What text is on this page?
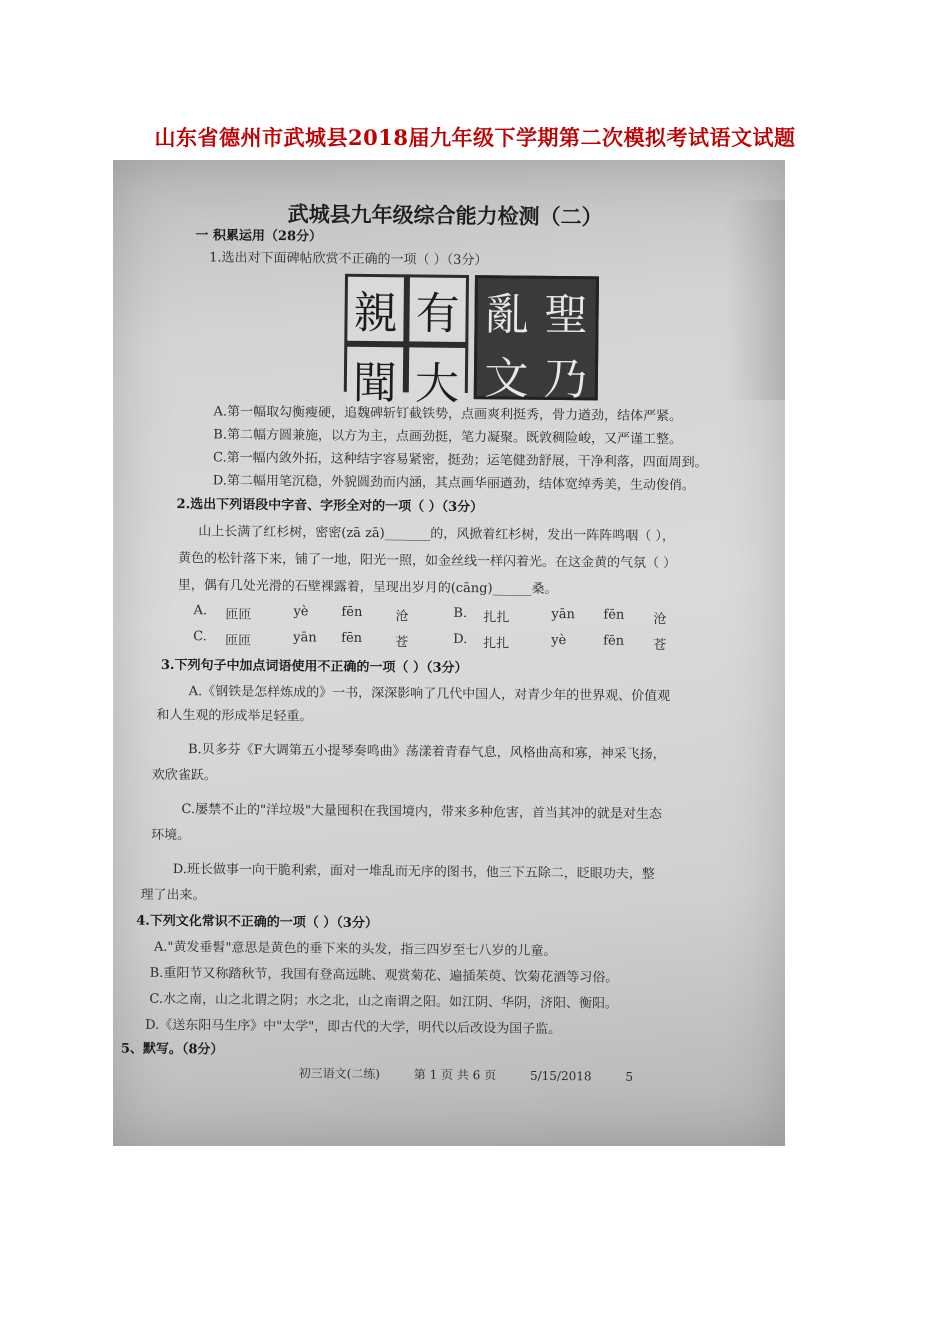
山东省德州市武城县2018届九年级下学期第二次模拟考试语文试题
武城县九年级综合能力检测（二）
一 积累运用（28分）
1.选出对下面碑帖欣赏不正确的一项（ ）（3分）
親 有
聞 大
亂 聖
文 乃
A.第一幅取勾衡瘦硬，追魏碑斩钉截铁势，点画爽利挺秀，骨力遒劲，结体严紧。
B.第二幅方圆兼施，以方为主，点画劲挺，笔力凝聚。既敦稠险峻，又严谨工整。
C.第一幅内敛外拓，这种结字容易紧密，挺劲；运笔健劲舒展，干净利落，四面周到。
D.第二幅用笔沉稳，外貌圆劲而内涵，其点画华丽遒劲，结体宽绰秀美，生动俊俏。
2.选出下列语段中字音、字形全对的一项（ ）（3分）
山上长满了红杉树，密密(zā zā)_______的，风掀着红杉树，发出一阵阵鸣咽（ ），
黄色的松针落下来，铺了一地，阳光一照，如金丝线一样闪着光。在这金黄的气氛（ ）
里，偶有几处光滑的石壁裸露着，呈现出岁月的(cāng)______桑。
A. 匝匝	yè	fēn	沧	B. 扎扎	yān fēn 沧
C. 匝匝	yān fēn	苍	D. 扎扎	yè	fēn 苍
3.下列句子中加点词语使用不正确的一项（ ）（3分）
A.《钢铁是怎样炼成的》一书，深深影响了几代中国人，对青少年的世界观、价值观
和人生观的形成举足轻重。
B.贝多芬《F大调第五小提琴奏鸣曲》荡漾着青春气息，风格曲高和寡，神采飞扬，
欢欣雀跃。
C.屡禁不止的"洋垃圾"大量囤积在我国境内，带来多种危害，首当其冲的就是对生态
环境。
D.班长做事一向干脆利索，面对一堆乱而无序的图书，他三下五除二，眨眼功夫，整
理了出来。
4.下列文化常识不正确的一项（ ）（3分）
A."黄发垂髫"意思是黄色的垂下来的头发，指三四岁至七八岁的儿童。
B.重阳节又称踏秋节，我国有登高远眺、观赏菊花、遍插茱萸、饮菊花酒等习俗。
C.水之南，山之北谓之阴；水之北，山之南谓之阳。如江阴、华阴，济阳、衡阳。
D.《送东阳马生序》中"太学"，即古代的大学，明代以后改设为国子监。
5、默写。（8分）
初三语文(二练)	第 1 页 共 6 页	5/15/2018	5
